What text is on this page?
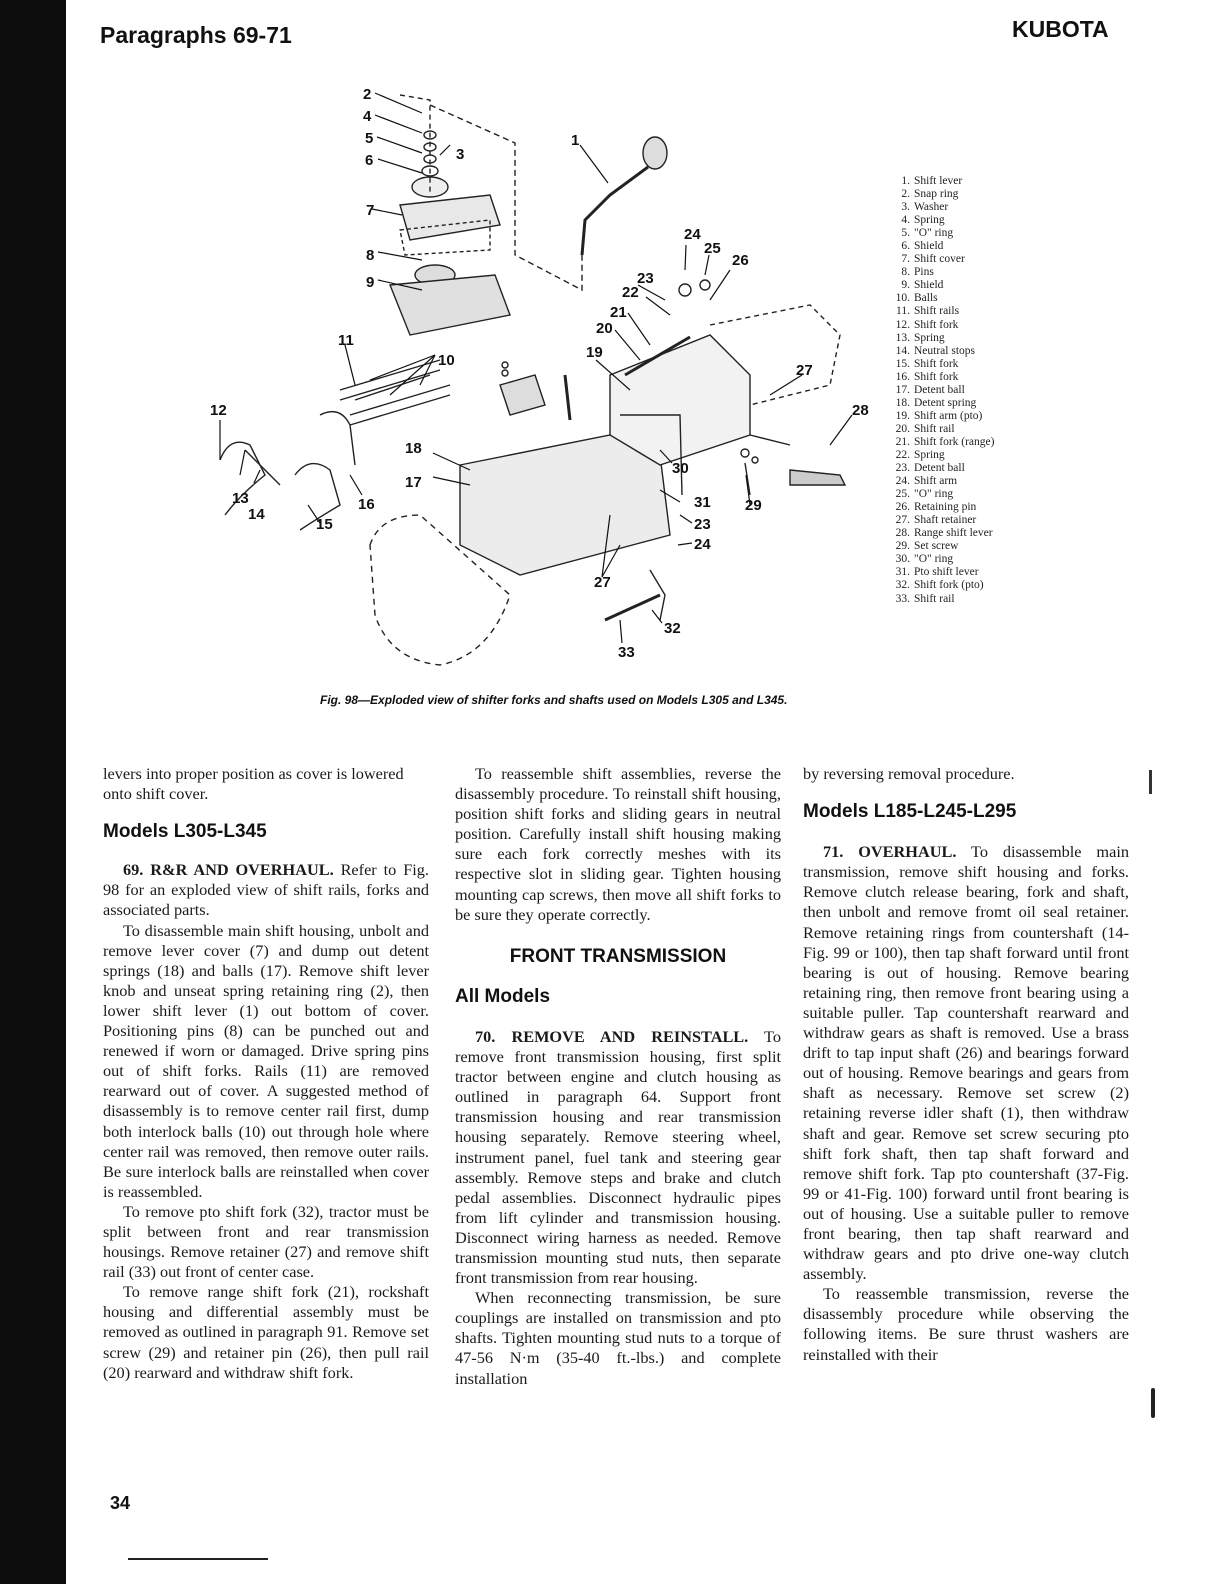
Paragraphs 69-71	KUBOTA
2
4
5
6	3
1
7
8
9
10
11
12
13
14
15
16
17
18
19
20
21
22
23
24
25
26
27
27
28
29
30
31
23
24
32
33
1. Shift lever
2. Snap ring
3. Washer
4. Spring
5. "O" ring
6. Shield
7. Shift cover
8. Pins
9. Shield
10. Balls
11. Shift rails
12. Shift fork
13. Spring
14. Neutral stops
15. Shift fork
16. Shift fork
17. Detent ball
18. Detent spring
19. Shift arm (pto)
20. Shift rail
21. Shift fork (range)
22. Spring
23. Detent ball
24. Shift arm
25. "O" ring
26. Retaining pin
27. Shaft retainer
28. Range shift lever
29. Set screw
30. "O" ring
31. Pto shift lever
32. Shift fork (pto)
33. Shift rail
Fig. 98—Exploded view of shifter forks and shafts used on Models L305 and L345.

levers into proper position as cover is lowered onto shift cover.

Models L305-L345

69. R&R AND OVERHAUL. Refer to Fig. 98 for an exploded view of shift rails, forks and associated parts.

To disassemble main shift housing, unbolt and remove lever cover (7) and dump out detent springs (18) and balls (17). Remove shift lever knob and unseat spring retaining ring (2), then lower shift lever (1) out bottom of cover. Positioning pins (8) can be punched out and renewed if worn or damaged. Drive spring pins out of shift forks. Rails (11) are removed rearward out of cover. A suggested method of disassembly is to remove center rail first, dump both interlock balls (10) out through hole where center rail was removed, then remove outer rails. Be sure interlock balls are reinstalled when cover is reassembled.

To remove pto shift fork (32), tractor must be split between front and rear transmission housings. Remove retainer (27) and remove shift rail (33) out front of center case.

To remove range shift fork (21), rockshaft housing and differential assembly must be removed as outlined in paragraph 91. Remove set screw (29) and retainer pin (26), then pull rail (20) rearward and withdraw shift fork.

To reassemble shift assemblies, reverse the disassembly procedure. To reinstall shift housing, position shift forks and sliding gears in neutral position. Carefully install shift housing making sure each fork correctly meshes with its respective slot in sliding gear. Tighten housing mounting cap screws, then move all shift forks to be sure they operate correctly.

FRONT TRANSMISSION
All Models

70. REMOVE AND REINSTALL. To remove front transmission housing, first split tractor between engine and clutch housing as outlined in paragraph 64. Support front transmission housing and rear transmission housing separately. Remove steering wheel, instrument panel, fuel tank and steering gear assembly. Remove steps and brake and clutch pedal assemblies. Disconnect hydraulic pipes from lift cylinder and transmission housing. Disconnect wiring harness as needed. Remove transmission mounting stud nuts, then separate front transmission from rear housing.

When reconnecting transmission, be sure couplings are installed on transmission and pto shafts. Tighten mounting stud nuts to a torque of 47-56 N·m (35-40 ft.-lbs.) and complete installation

by reversing removal procedure.

Models L185-L245-L295

71. OVERHAUL. To disassemble main transmission, remove shift housing and forks. Remove clutch release bearing, fork and shaft, then unbolt and remove fromt oil seal retainer. Remove retaining rings from countershaft (14-Fig. 99 or 100), then tap shaft forward until front bearing is out of housing. Remove bearing retaining ring, then remove front bearing using a suitable puller. Tap countershaft rearward and withdraw gears as shaft is removed. Use a brass drift to tap input shaft (26) and bearings forward out of housing. Remove bearings and gears from shaft as necessary. Remove set screw (2) retaining reverse idler shaft (1), then withdraw shaft and gear. Remove set screw securing pto shift fork shaft, then tap shaft forward and remove shift fork. Tap pto countershaft (37-Fig. 99 or 41-Fig. 100) forward until front bearing is out of housing. Use a suitable puller to remove front bearing, then tap shaft rearward and withdraw gears and pto drive one-way clutch assembly.

To reassemble transmission, reverse the disassembly procedure while observing the following items. Be sure thrust washers are reinstalled with their

34
